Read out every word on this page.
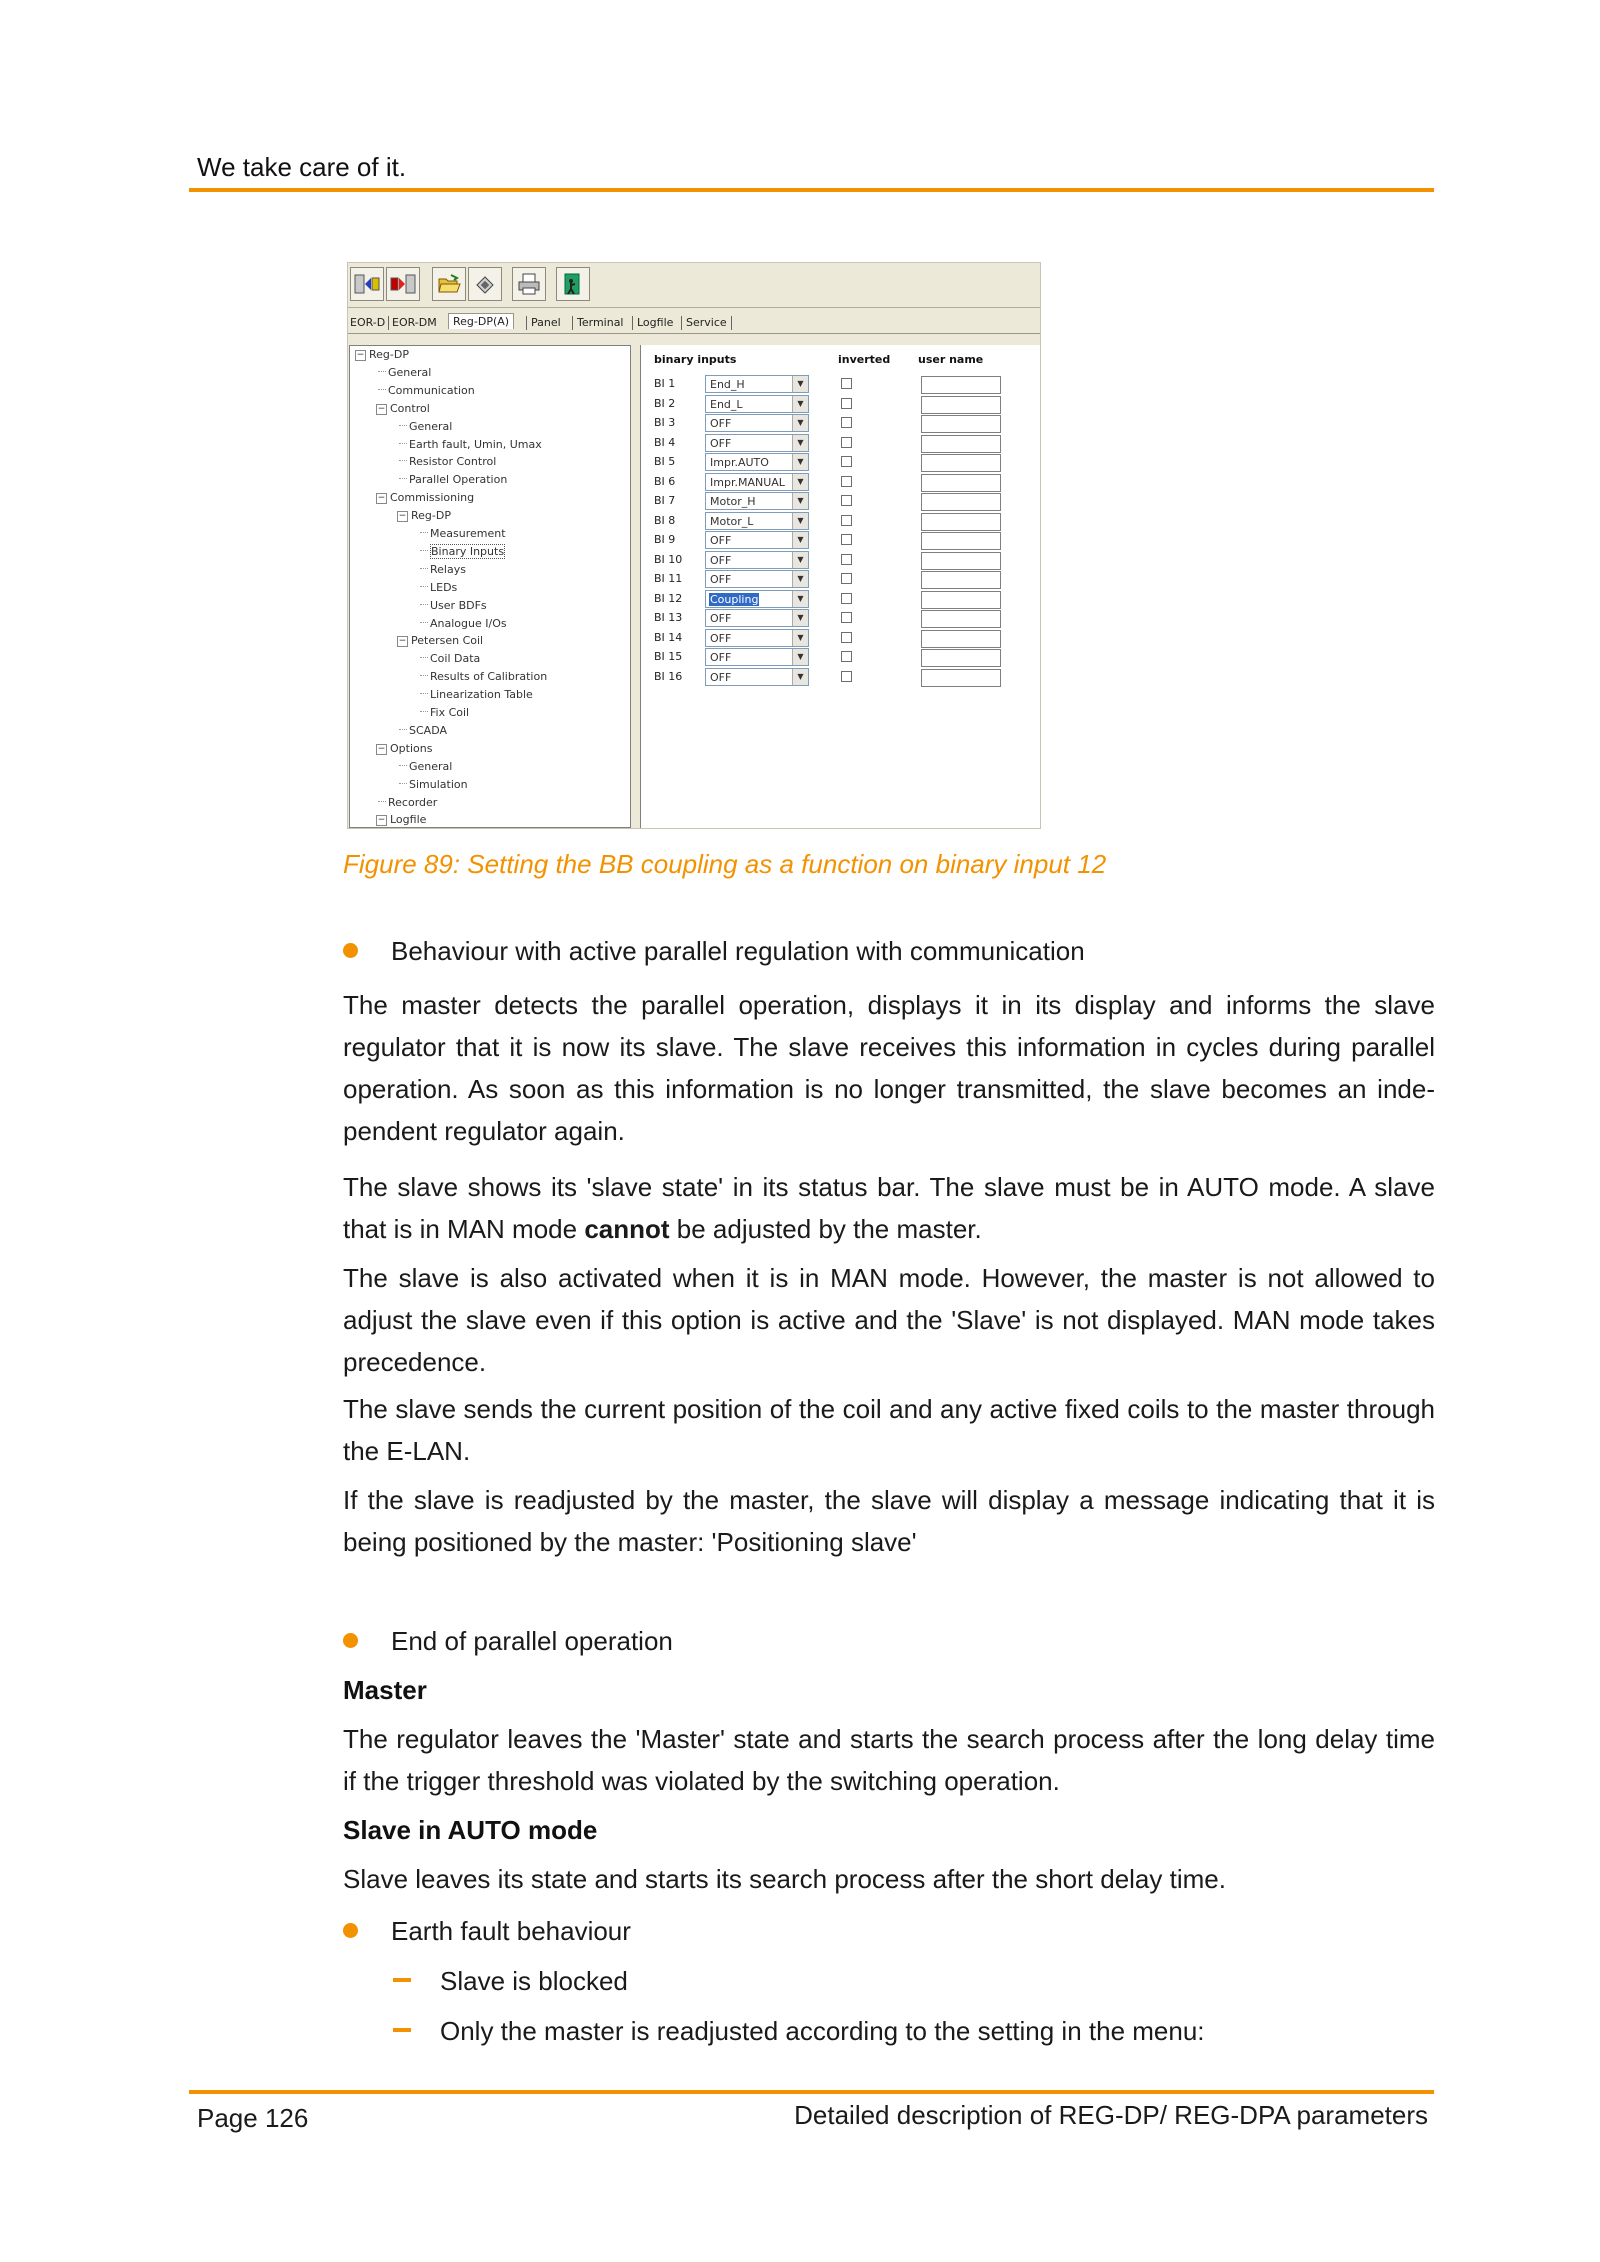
We take care of it.
EOR-D EOR-DM	Reg-DP(A)	Panel Terminal Logfile Service
− Reg-DP
General
Communication
− Control
General
Earth fault, Umin, Umax
Resistor Control
Parallel Operation
− Commissioning
− Reg-DP
Measurement
Binary Inputs
Relays
LEDs
User BDFs
Analogue I/Os
− Petersen Coil
Coil Data
Results of Calibration
Linearization Table
Fix Coil
SCADA
− Options
General
Simulation
Recorder
− Logfile
binary inputs	inverted	user name
BI 1	End_H	▼
BI 2	End_L	▼
BI 3	OFF	▼
BI 4	OFF	▼
BI 5	Impr.AUTO	▼
BI 6	Impr.MANUAL	▼
BI 7	Motor_H	▼
BI 8	Motor_L	▼
BI 9	OFF	▼
BI 10	OFF	▼
BI 11	OFF	▼
BI 12	Coupling	▼
BI 13	OFF	▼
BI 14	OFF	▼
BI 15	OFF	▼
BI 16	OFF	▼
Figure 89: Setting the BB coupling as a function on binary input 12
Behaviour with active parallel regulation with communication
The master detects the parallel operation, displays it in its display and informs the slave regulator that it is now its slave. The slave receives this information in cycles during parallel operation. As soon as this information is no longer transmitted, the slave becomes an inde-pendent regulator again.
The slave shows its 'slave state' in its status bar. The slave must be in AUTO mode. A slave that is in MAN mode cannot be adjusted by the master.
The slave is also activated when it is in MAN mode. However, the master is not allowed to adjust the slave even if this option is active and the 'Slave' is not displayed. MAN mode takes precedence.
The slave sends the current position of the coil and any active fixed coils to the master through the E-LAN.
If the slave is readjusted by the master, the slave will display a message indicating that it is being positioned by the master: 'Positioning slave'
End of parallel operation
Master
The regulator leaves the 'Master' state and starts the search process after the long delay time if the trigger threshold was violated by the switching operation.
Slave in AUTO mode
Slave leaves its state and starts its search process after the short delay time.
Earth fault behaviour
Slave is blocked
Only the master is readjusted according to the setting in the menu:
Page 126	Detailed description of REG-DP/ REG-DPA parameters
